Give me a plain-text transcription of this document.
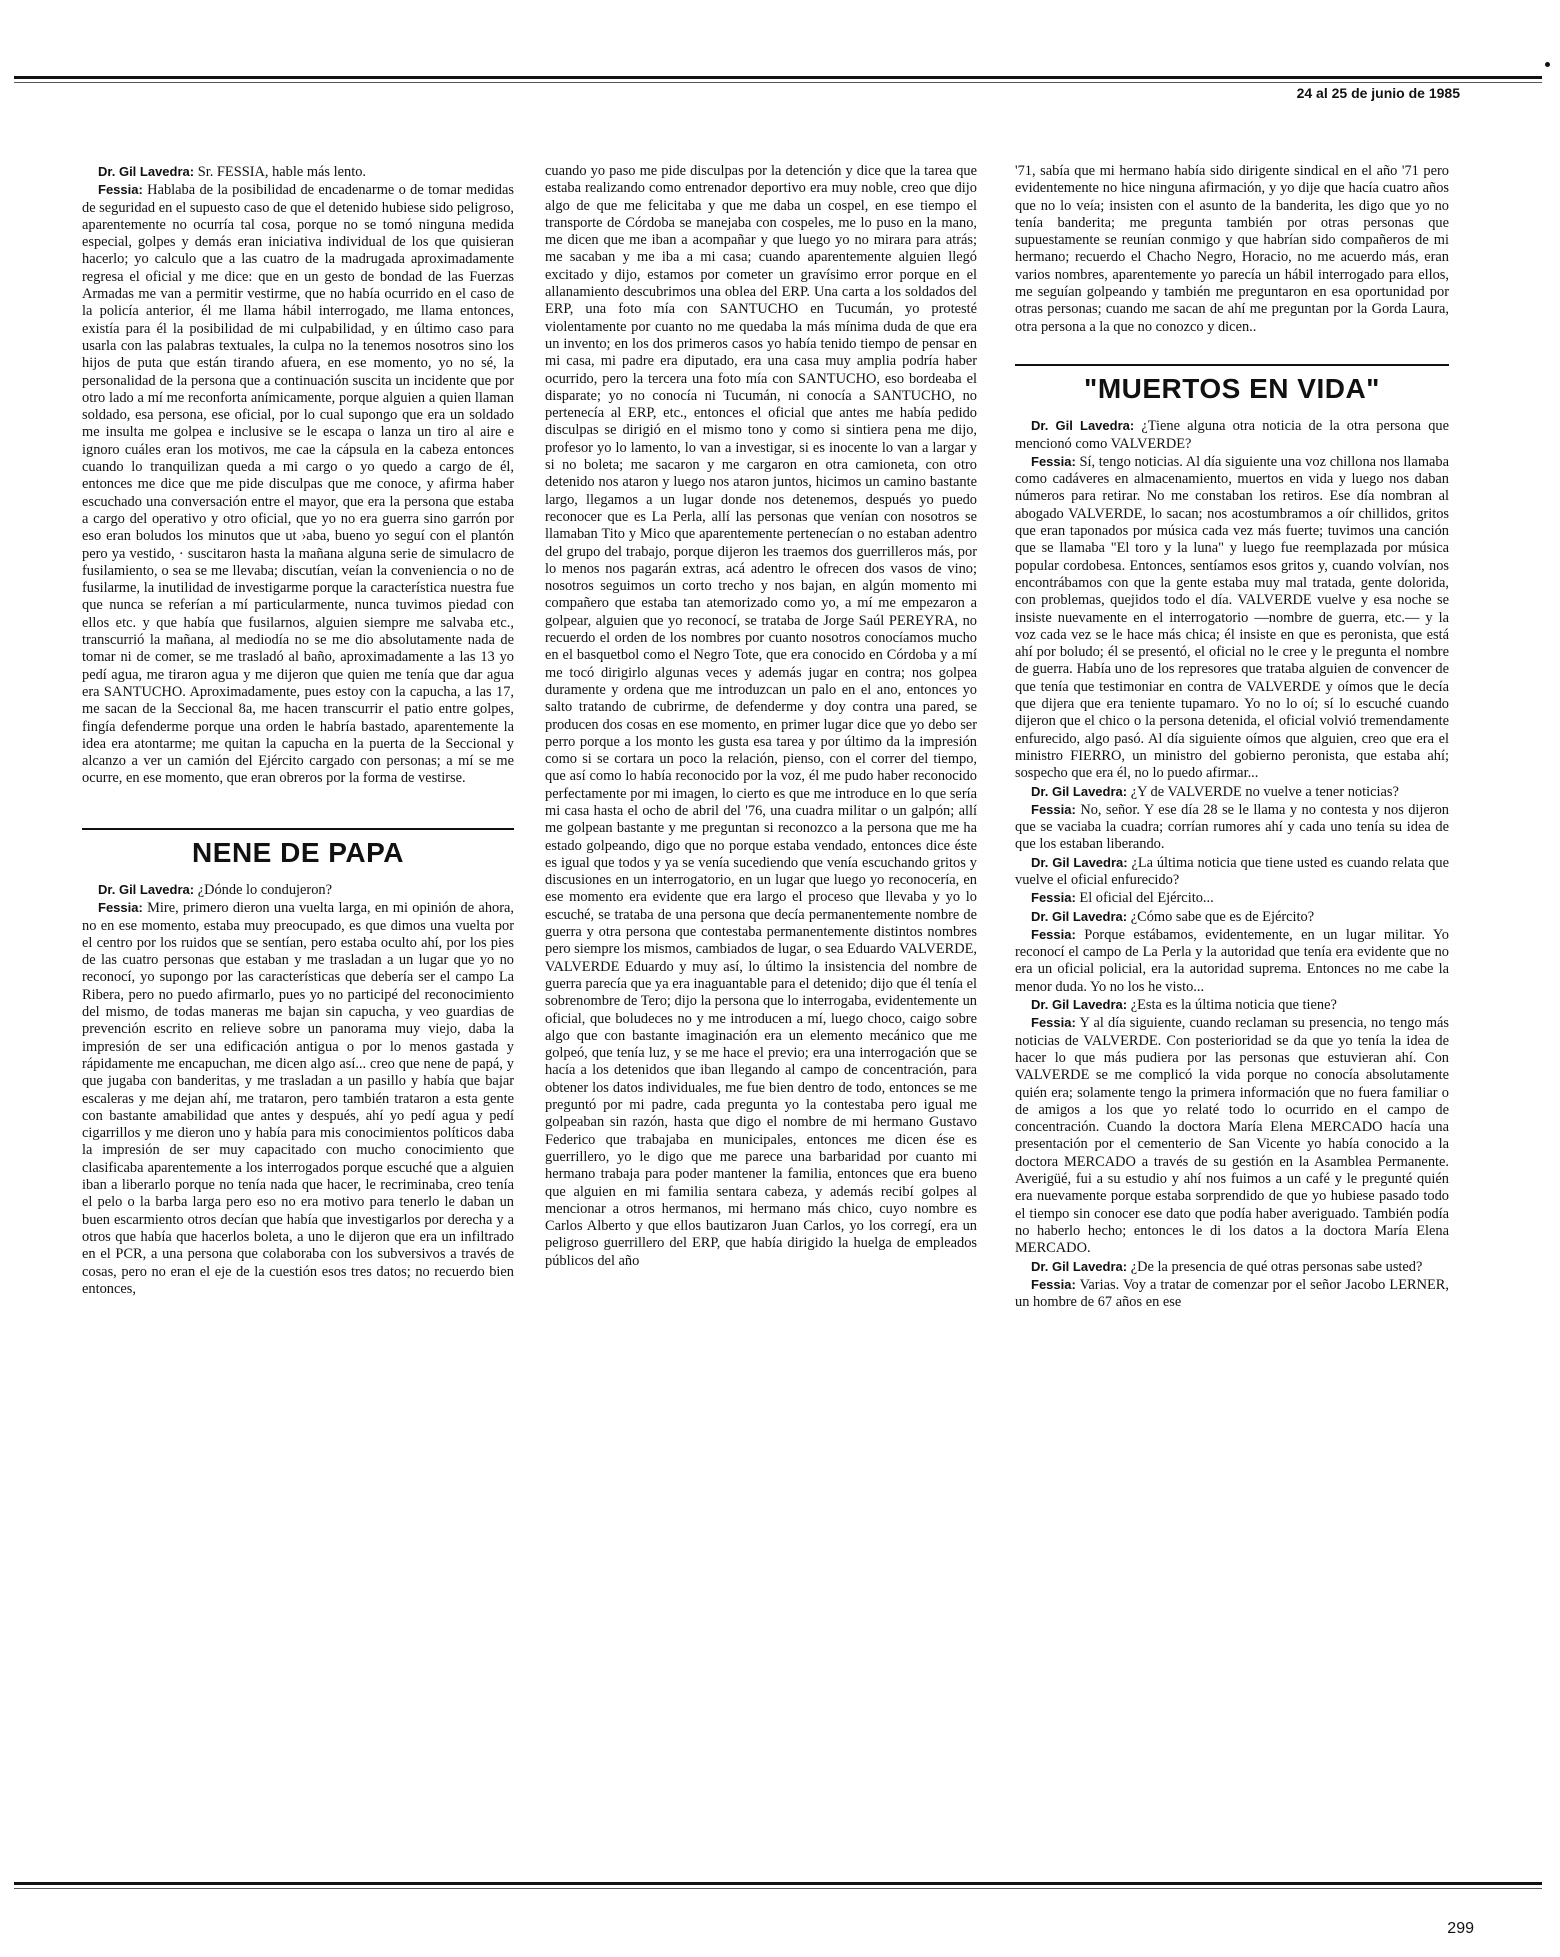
24 al 25 de junio de 1985

Dr. Gil Lavedra: Sr. FESSIA, hable más lento.

Fessia: Hablaba de la posibilidad de encadenarme o de tomar medidas de seguridad en el supuesto caso de que el detenido hubiese sido peligroso, aparentemente no ocurría tal cosa, porque no se tomó ninguna medida especial, golpes y demás eran iniciativa individual de los que quisieran hacerlo; yo calculo que a las cuatro de la madrugada aproximadamente regresa el oficial y me dice: que en un gesto de bondad de las Fuerzas Armadas me van a permitir vestirme, que no había ocurrido en el caso de la policía anterior, él me llama hábil interrogado, me llama entonces, existía para él la posibilidad de mi culpabilidad, y en último caso para usarla con las palabras textuales, la culpa no la tenemos nosotros sino los hijos de puta que están tirando afuera, en ese momento, yo no sé, la personalidad de la persona que a continuación suscita un incidente que por otro lado a mí me reconforta anímicamente, porque alguien a quien llaman soldado, esa persona, ese oficial, por lo cual supongo que era un soldado me insulta me golpea e inclusive se le escapa o lanza un tiro al aire e ignoro cuáles eran los motivos, me cae la cápsula en la cabeza entonces cuando lo tranquilizan queda a mi cargo o yo quedo a cargo de él, entonces me dice que me pide disculpas que me conoce, y afirma haber escuchado una conversación entre el mayor, que era la persona que estaba a cargo del operativo y otro oficial, que yo no era guerra sino garrón por eso eran boludos los minutos que ut ›aba, bueno yo seguí con el plantón pero ya vestido, · suscitaron hasta la mañana alguna serie de simulacro de fusilamiento, o sea se me llevaba; discutían, veían la conveniencia o no de fusilarme, la inutilidad de investigarme porque la característica nuestra fue que nunca se referían a mí particularmente, nunca tuvimos piedad con ellos etc. y que había que fusilarnos, alguien siempre me salvaba etc., transcurrió la mañana, al mediodía no se me dio absolutamente nada de tomar ni de comer, se me trasladó al baño, aproximadamente a las 13 yo pedí agua, me tiraron agua y me dijeron que quien me tenía que dar agua era SANTUCHO. Aproximadamente, pues estoy con la capucha, a las 17, me sacan de la Seccional 8a, me hacen transcurrir el patio entre golpes, fingía defenderme porque una orden le habría bastado, aparentemente la idea era atontarme; me quitan la capucha en la puerta de la Seccional y alcanzo a ver un camión del Ejército cargado con personas; a mí se me ocurre, en ese momento, que eran obreros por la forma de vestirse.

NENE DE PAPA

Dr. Gil Lavedra: ¿Dónde lo condujeron?

Fessia: Mire, primero dieron una vuelta larga, en mi opinión de ahora, no en ese momento, estaba muy preocupado, es que dimos una vuelta por el centro por los ruidos que se sentían, pero estaba oculto ahí, por los pies de las cuatro personas que estaban y me trasladan a un lugar que yo no reconocí, yo supongo por las características que debería ser el campo La Ribera, pero no puedo afirmarlo, pues yo no participé del reconocimiento del mismo, de todas maneras me bajan sin capucha, y veo guardias de prevención escrito en relieve sobre un panorama muy viejo, daba la impresión de ser una edificación antigua o por lo menos gastada y rápidamente me encapuchan, me dicen algo así... creo que nene de papá, y que jugaba con banderitas, y me trasladan a un pasillo y había que bajar escaleras y me dejan ahí, me trataron, pero también trataron a esta gente con bastante amabilidad que antes y después, ahí yo pedí agua y pedí cigarrillos y me dieron uno y había para mis conocimientos políticos daba la impresión de ser muy capacitado con mucho conocimiento que clasificaba aparentemente a los interrogados porque escuché que a alguien iban a liberarlo porque no tenía nada que hacer, le recriminaba, creo tenía el pelo o la barba larga pero eso no era motivo para tenerlo le daban un buen escarmiento otros decían que había que investigarlos por derecha y a otros que había que hacerlos boleta, a uno le dijeron que era un infiltrado en el PCR, a una persona que colaboraba con los subversivos a través de cosas, pero no eran el eje de la cuestión esos tres datos; no recuerdo bien entonces,

cuando yo paso me pide disculpas por la detención y dice que la tarea que estaba realizando como entrenador deportivo era muy noble, creo que dijo algo de que me felicitaba y que me daba un cospel, en ese tiempo el transporte de Córdoba se manejaba con cospeles, me lo puso en la mano, me dicen que me iban a acompañar y que luego yo no mirara para atrás; me sacaban y me iba a mi casa; cuando aparentemente alguien llegó excitado y dijo, estamos por cometer un gravísimo error porque en el allanamiento descubrimos una oblea del ERP. Una carta a los soldados del ERP, una foto mía con SANTUCHO en Tucumán, yo protesté violentamente por cuanto no me quedaba la más mínima duda de que era un invento; en los dos primeros casos yo había tenido tiempo de pensar en mi casa, mi padre era diputado, era una casa muy amplia podría haber ocurrido, pero la tercera una foto mía con SANTUCHO, eso bordeaba el disparate; yo no conocía ni Tucumán, ni conocía a SANTUCHO, no pertenecía al ERP, etc., entonces el oficial que antes me había pedido disculpas se dirigió en el mismo tono y como si sintiera pena me dijo, profesor yo lo lamento, lo van a investigar, si es inocente lo van a largar y si no boleta; me sacaron y me cargaron en otra camioneta, con otro detenido nos ataron y luego nos ataron juntos, hicimos un camino bastante largo, llegamos a un lugar donde nos detenemos, después yo puedo reconocer que es La Perla, allí las personas que venían con nosotros se llamaban Tito y Mico que aparentemente pertenecían o no estaban adentro del grupo del trabajo, porque dijeron les traemos dos guerrilleros más, por lo menos nos pagarán extras, acá adentro le ofrecen dos vasos de vino; nosotros seguimos un corto trecho y nos bajan, en algún momento mi compañero que estaba tan atemorizado como yo, a mí me empezaron a golpear, alguien que yo reconocí, se trataba de Jorge Saúl PEREYRA, no recuerdo el orden de los nombres por cuanto nosotros conocíamos mucho en el basquetbol como el Negro Tote, que era conocido en Córdoba y a mí me tocó dirigirlo algunas veces y además jugar en contra; nos golpea duramente y ordena que me introduzcan un palo en el ano, entonces yo salto tratando de cubrirme, de defenderme y doy contra una pared, se producen dos cosas en ese momento, en primer lugar dice que yo debo ser perro porque a los monto les gusta esa tarea y por último da la impresión como si se cortara un poco la relación, pienso, con el correr del tiempo, que así como lo había reconocido por la voz, él me pudo haber reconocido perfectamente por mi imagen, lo cierto es que me introduce en lo que sería mi casa hasta el ocho de abril del '76, una cuadra militar o un galpón; allí me golpean bastante y me preguntan si reconozco a la persona que me ha estado golpeando, digo que no porque estaba vendado, entonces dice éste es igual que todos y ya se venía sucediendo que venía escuchando gritos y discusiones en un interrogatorio, en un lugar que luego yo reconocería, en ese momento era evidente que era largo el proceso que llevaba y yo lo escuché, se trataba de una persona que decía permanentemente nombre de guerra y otra persona que contestaba permanentemente distintos nombres pero siempre los mismos, cambiados de lugar, o sea Eduardo VALVERDE, VALVERDE Eduardo y muy así, lo último la insistencia del nombre de guerra parecía que ya era inaguantable para el detenido; dijo que él tenía el sobrenombre de Tero; dijo la persona que lo interrogaba, evidentemente un oficial, que boludeces no y me introducen a mí, luego choco, caigo sobre algo que con bastante imaginación era un elemento mecánico que me golpeó, que tenía luz, y se me hace el previo; era una interrogación que se hacía a los detenidos que iban llegando al campo de concentración, para obtener los datos individuales, me fue bien dentro de todo, entonces se me preguntó por mi padre, cada pregunta yo la contestaba pero igual me golpeaban sin razón, hasta que digo el nombre de mi hermano Gustavo Federico que trabajaba en municipales, entonces me dicen ése es guerrillero, yo le digo que me parece una barbaridad por cuanto mi hermano trabaja para poder mantener la familia, entonces que era bueno que alguien en mi familia sentara cabeza, y además recibí golpes al mencionar a otros hermanos, mi hermano más chico, cuyo nombre es Carlos Alberto y que ellos bautizaron Juan Carlos, yo los corregí, era un peligroso guerrillero del ERP, que había dirigido la huelga de empleados públicos del año

'71, sabía que mi hermano había sido dirigente sindical en el año '71 pero evidentemente no hice ninguna afirmación, y yo dije que hacía cuatro años que no lo veía; insisten con el asunto de la banderita, les digo que yo no tenía banderita; me pregunta también por otras personas que supuestamente se reunían conmigo y que habrían sido compañeros de mi hermano; recuerdo el Chacho Negro, Horacio, no me acuerdo más, eran varios nombres, aparentemente yo parecía un hábil interrogado para ellos, me seguían golpeando y también me preguntaron en esa oportunidad por otras personas; cuando me sacan de ahí me preguntan por la Gorda Laura, otra persona a la que no conozco y dicen..

"MUERTOS EN VIDA"

Dr. Gil Lavedra: ¿Tiene alguna otra noticia de la otra persona que mencionó como VALVERDE?

Fessia: Sí, tengo noticias. Al día siguiente una voz chillona nos llamaba como cadáveres en almacenamiento, muertos en vida y luego nos daban números para retirar. No me constaban los retiros. Ese día nombran al abogado VALVERDE, lo sacan; nos acostumbramos a oír chillidos, gritos que eran taponados por música cada vez más fuerte; tuvimos una canción que se llamaba "El toro y la luna" y luego fue reemplazada por música popular cordobesa. Entonces, sentíamos esos gritos y, cuando volvían, nos encontrábamos con que la gente estaba muy mal tratada, gente dolorida, con problemas, quejidos todo el día. VALVERDE vuelve y esa noche se insiste nuevamente en el interrogatorio —nombre de guerra, etc.— y la voz cada vez se le hace más chica; él insiste en que es peronista, que está ahí por boludo; él se presentó, el oficial no le cree y le pregunta el nombre de guerra. Había uno de los represores que trataba alguien de convencer de que tenía que testimoniar en contra de VALVERDE y oímos que le decía que dijera que era teniente tupamaro. Yo no lo oí; sí lo escuché cuando dijeron que el chico o la persona detenida, el oficial volvió tremendamente enfurecido, algo pasó. Al día siguiente oímos que alguien, creo que era el ministro FIERRO, un ministro del gobierno peronista, que estaba ahí; sospecho que era él, no lo puedo afirmar...

Dr. Gil Lavedra: ¿Y de VALVERDE no vuelve a tener noticias?

Fessia: No, señor. Y ese día 28 se le llama y no contesta y nos dijeron que se vaciaba la cuadra; corrían rumores ahí y cada uno tenía su idea de que los estaban liberando.

Dr. Gil Lavedra: ¿La última noticia que tiene usted es cuando relata que vuelve el oficial enfurecido?

Fessia: El oficial del Ejército...

Dr. Gil Lavedra: ¿Cómo sabe que es de Ejército?

Fessia: Porque estábamos, evidentemente, en un lugar militar. Yo reconocí el campo de La Perla y la autoridad que tenía era evidente que no era un oficial policial, era la autoridad suprema. Entonces no me cabe la menor duda. Yo no los he visto...

Dr. Gil Lavedra: ¿Esta es la última noticia que tiene?

Fessia: Y al día siguiente, cuando reclaman su presencia, no tengo más noticias de VALVERDE. Con posterioridad se da que yo tenía la idea de hacer lo que más pudiera por las personas que estuvieran ahí. Con VALVERDE se me complicó la vida porque no conocía absolutamente quién era; solamente tengo la primera información que no fuera familiar o de amigos a los que yo relaté todo lo ocurrido en el campo de concentración. Cuando la doctora María Elena MERCADO hacía una presentación por el cementerio de San Vicente yo había conocido a la doctora MERCADO a través de su gestión en la Asamblea Permanente. Averigüé, fui a su estudio y ahí nos fuimos a un café y le pregunté quién era nuevamente porque estaba sorprendido de que yo hubiese pasado todo el tiempo sin conocer ese dato que podía haber averiguado. También podía no haberlo hecho; entonces le di los datos a la doctora María Elena MERCADO.

Dr. Gil Lavedra: ¿De la presencia de qué otras personas sabe usted?

Fessia: Varias. Voy a tratar de comenzar por el señor Jacobo LERNER, un hombre de 67 años en ese

299
